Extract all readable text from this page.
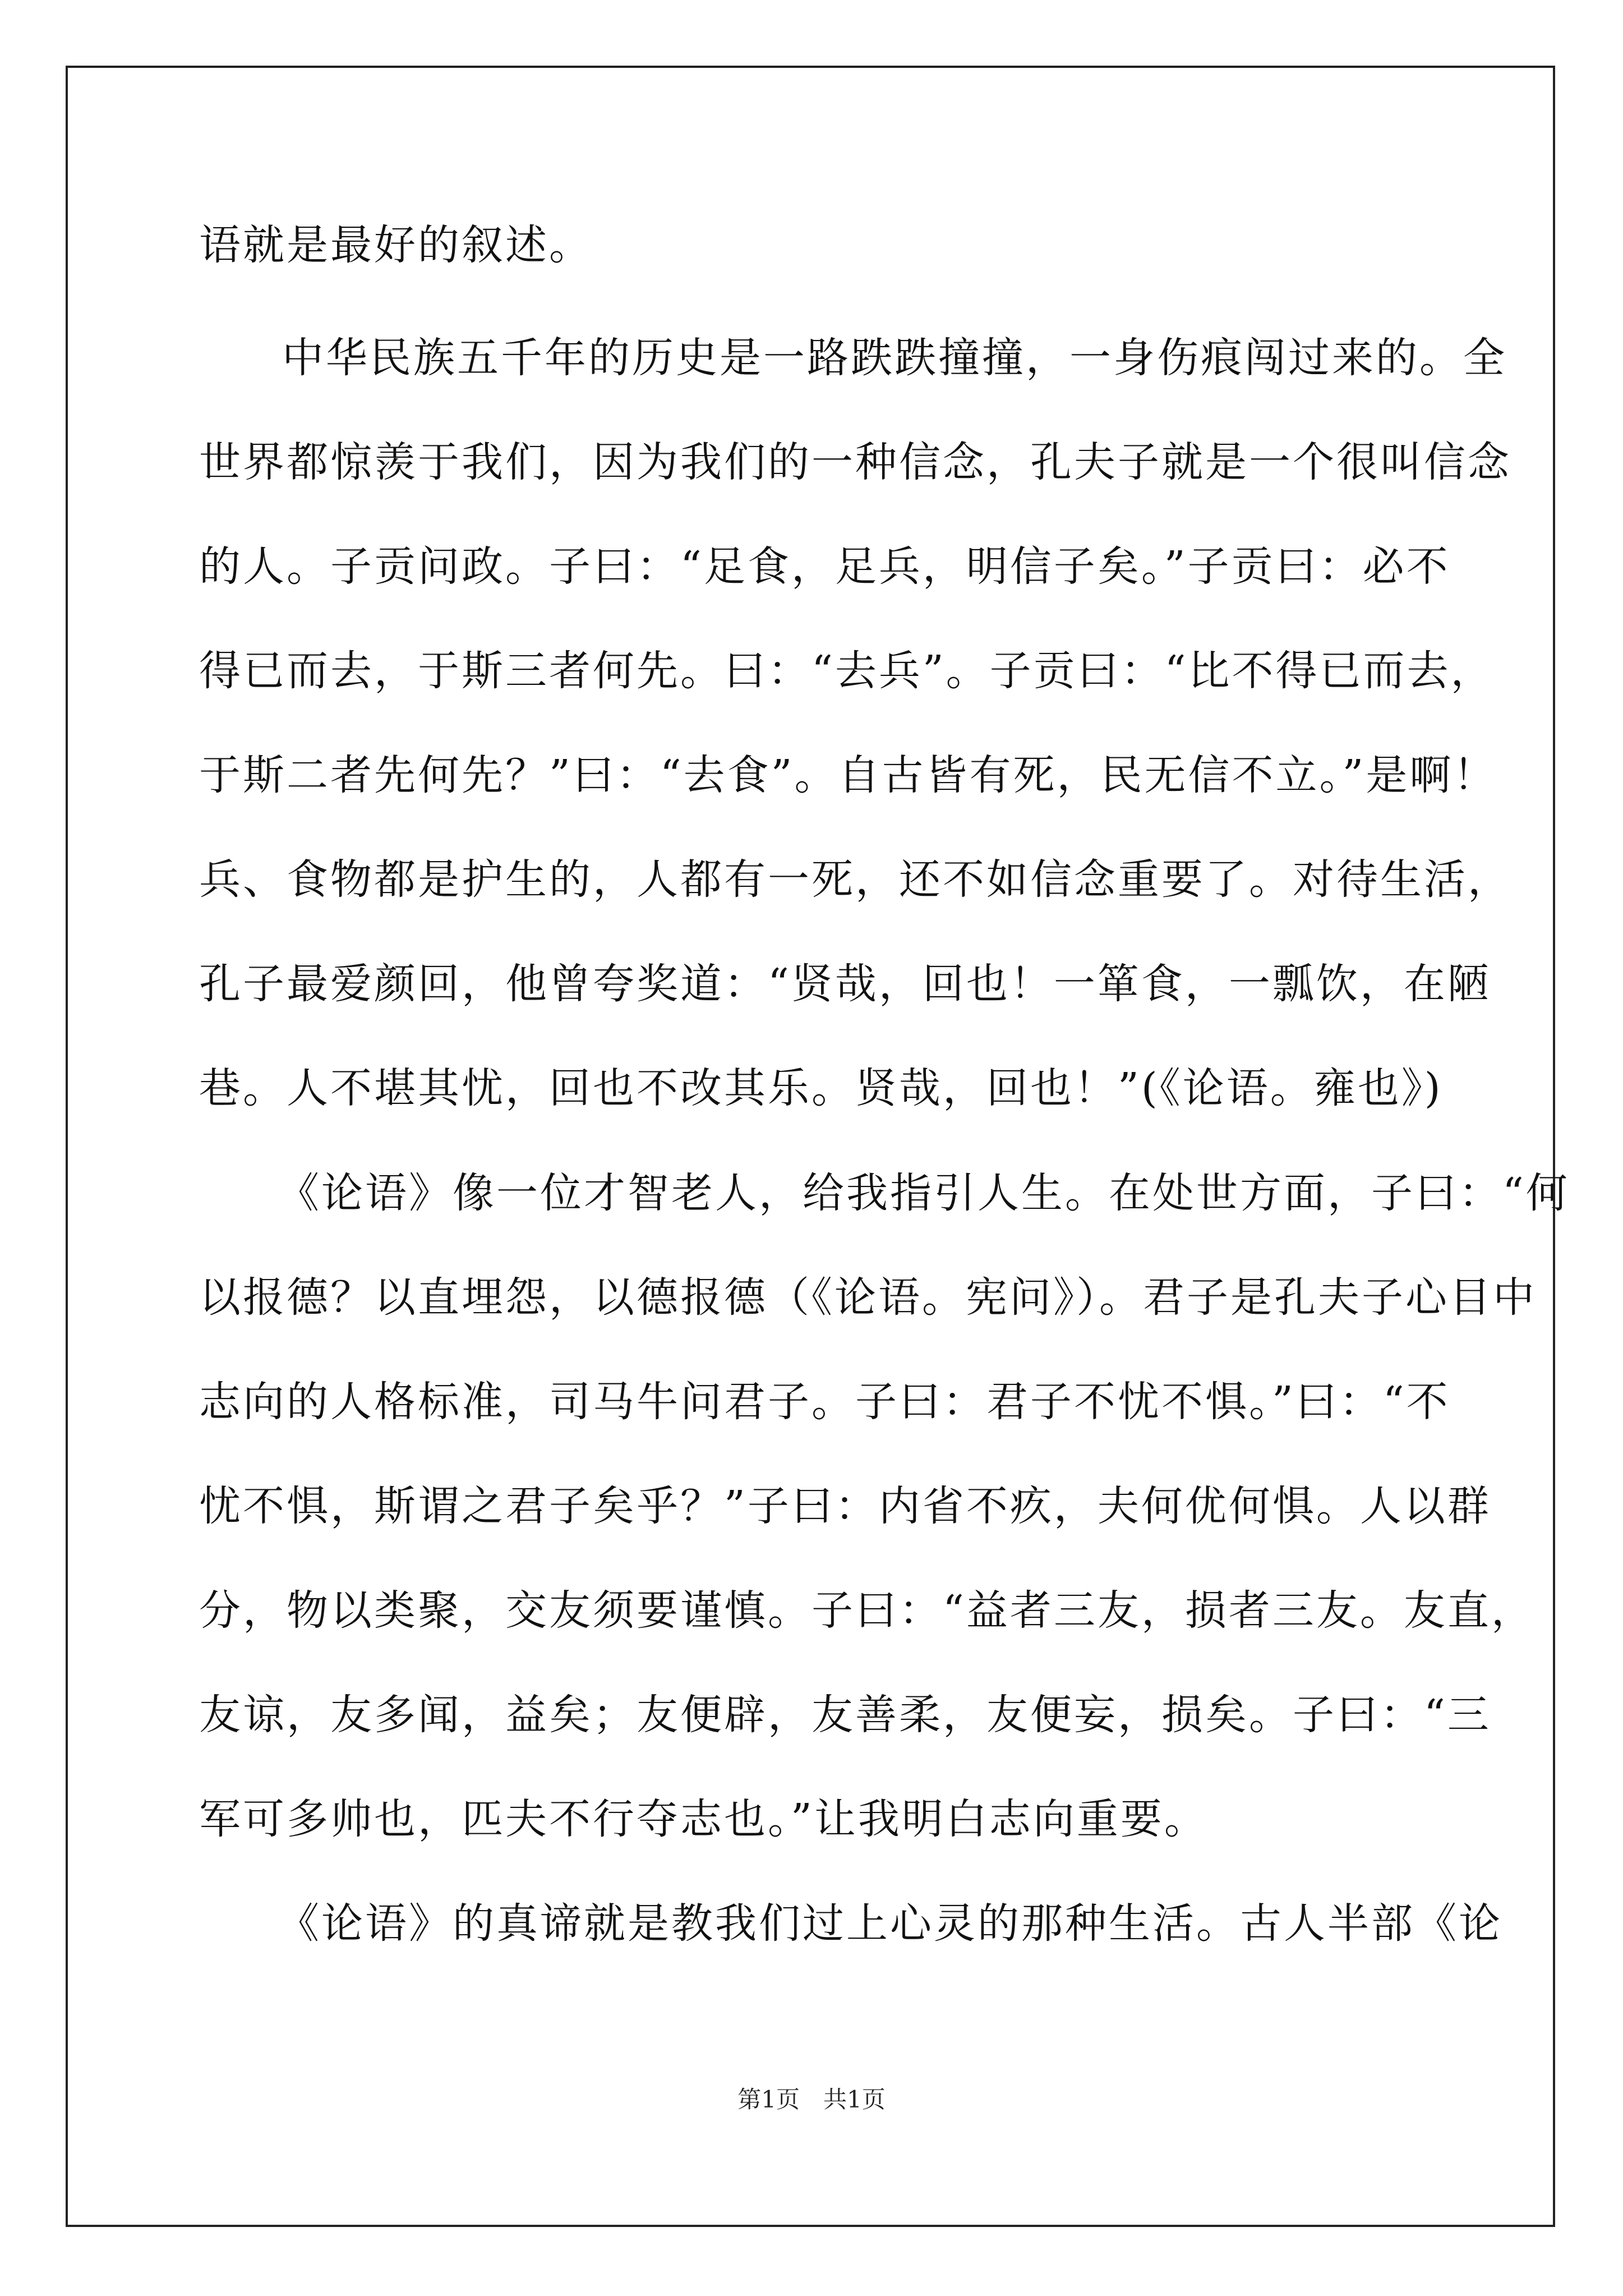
语就是最好的叙述。
中华民族五千年的历史是一路跌跌撞撞，一身伤痕闯过来的。全
世界都惊羡于我们，因为我们的一种信念，孔夫子就是一个很叫信念
的人。子贡问政。子曰：“足食，足兵，明信子矣。”子贡曰：必不
得已而去，于斯三者何先。曰：“去兵”。子贡曰：“比不得已而去，
于斯二者先何先？”曰：“去食”。自古皆有死，民无信不立。”是啊！
兵、食物都是护生的，人都有一死，还不如信念重要了。对待生活，
孔子最爱颜回，他曾夸奖道：“贤哉，回也！一箪食，一瓢饮，在陋
巷。人不堪其忧，回也不改其乐。贤哉，回也！”(《论语。雍也》)
《论语》像一位才智老人，给我指引人生。在处世方面，子曰：“何
以报德？以直埋怨，以德报德（《论语。宪问》）。君子是孔夫子心目中
志向的人格标准，司马牛问君子。子曰：君子不忧不惧。”曰：“不
忧不惧，斯谓之君子矣乎？”子曰：内省不疚，夫何优何惧。人以群
分，物以类聚，交友须要谨慎。子曰：“益者三友，损者三友。友直，
友谅，友多闻，益矣；友便辟，友善柔，友便妄，损矣。子曰：“三
军可多帅也，匹夫不行夺志也。”让我明白志向重要。
《论语》的真谛就是教我们过上心灵的那种生活。古人半部《论
第1页　共1页
